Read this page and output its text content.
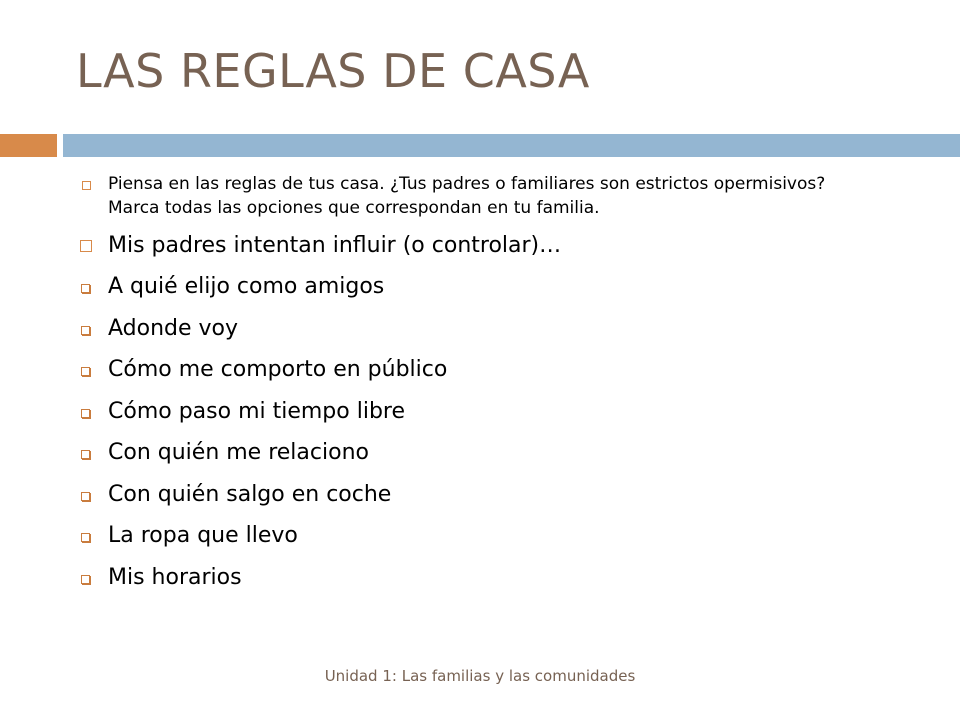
LAS REGLAS DE CASA
Piensa en las reglas de tus casa. ¿Tus padres o familiares son estrictos opermisivos? Marca todas las opciones que correspondan en tu familia.
Mis padres intentan influir (o controlar)…
A quié elijo como amigos
Adonde voy
Cómo me comporto en público
Cómo paso mi tiempo libre
Con quién me relaciono
Con quién salgo en coche
La ropa que llevo
Mis horarios
Unidad 1: Las familias y las comunidades
